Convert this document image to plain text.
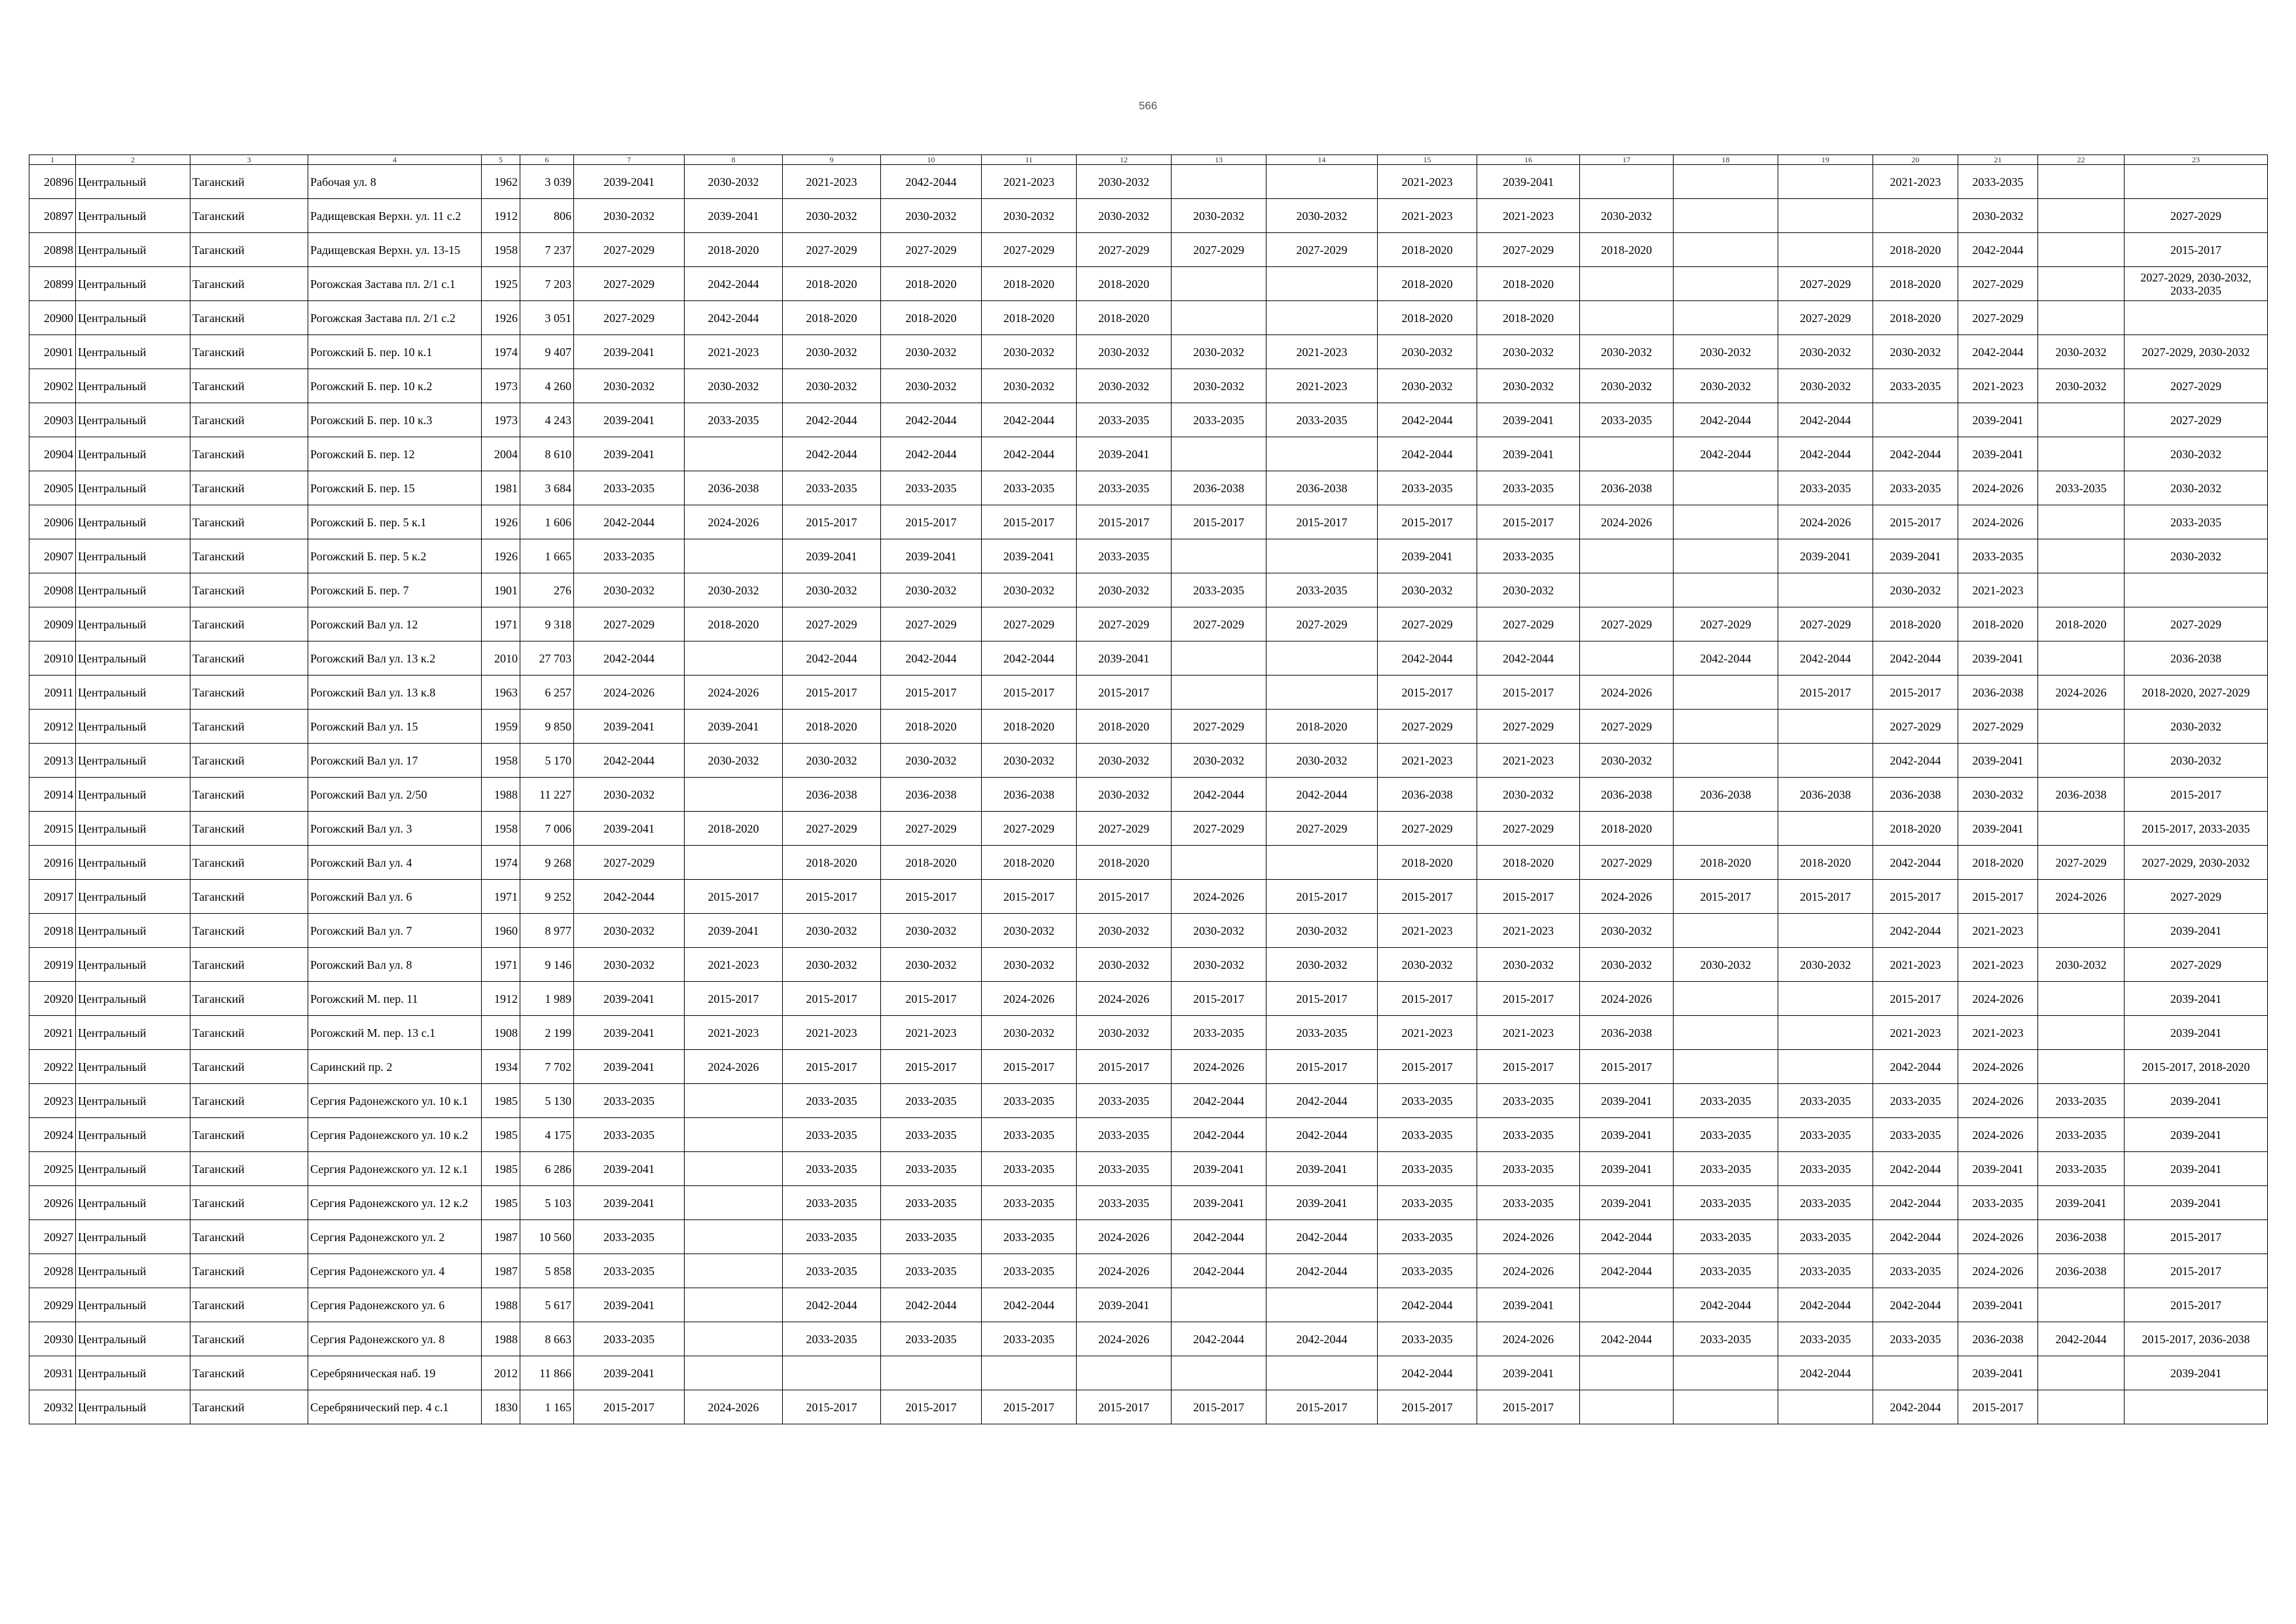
566
1	2	3	4	5	6	7	8	9	10	11	12	13	14	15	16	17	18	19	20	21	22	23
20896	Центральный	Таганский	Рабочая ул. 8	1962	3 039	2039-2041	2030-2032	2021-2023	2042-2044	2021-2023	2030-2032			2021-2023	2039-2041				2021-2023	2033-2035		
20897	Центральный	Таганский	Радищевская Верхн. ул. 11 с.2	1912	806	2030-2032	2039-2041	2030-2032	2030-2032	2030-2032	2030-2032	2030-2032	2030-2032	2021-2023	2021-2023	2030-2032				2030-2032		2027-2029
20898	Центральный	Таганский	Радищевская Верхн. ул. 13-15	1958	7 237	2027-2029	2018-2020	2027-2029	2027-2029	2027-2029	2027-2029	2027-2029	2027-2029	2018-2020	2027-2029	2018-2020			2018-2020	2042-2044		2015-2017
20899	Центральный	Таганский	Рогожская Застава пл. 2/1 с.1	1925	7 203	2027-2029	2042-2044	2018-2020	2018-2020	2018-2020	2018-2020			2018-2020	2018-2020			2027-2029	2018-2020	2027-2029		2027-2029, 2030-2032, 2033-2035
20900	Центральный	Таганский	Рогожская Застава пл. 2/1 с.2	1926	3 051	2027-2029	2042-2044	2018-2020	2018-2020	2018-2020	2018-2020			2018-2020	2018-2020			2027-2029	2018-2020	2027-2029		
20901	Центральный	Таганский	Рогожский Б. пер. 10 к.1	1974	9 407	2039-2041	2021-2023	2030-2032	2030-2032	2030-2032	2030-2032	2030-2032	2021-2023	2030-2032	2030-2032	2030-2032	2030-2032	2030-2032	2030-2032	2042-2044	2030-2032	2027-2029, 2030-2032
20902	Центральный	Таганский	Рогожский Б. пер. 10 к.2	1973	4 260	2030-2032	2030-2032	2030-2032	2030-2032	2030-2032	2030-2032	2030-2032	2021-2023	2030-2032	2030-2032	2030-2032	2030-2032	2030-2032	2033-2035	2021-2023	2030-2032	2027-2029
20903	Центральный	Таганский	Рогожский Б. пер. 10 к.3	1973	4 243	2039-2041	2033-2035	2042-2044	2042-2044	2042-2044	2033-2035	2033-2035	2033-2035	2042-2044	2039-2041	2033-2035	2042-2044	2042-2044		2039-2041		2027-2029
20904	Центральный	Таганский	Рогожский Б. пер. 12	2004	8 610	2039-2041		2042-2044	2042-2044	2042-2044	2039-2041			2042-2044	2039-2041		2042-2044	2042-2044	2042-2044	2039-2041		2030-2032
20905	Центральный	Таганский	Рогожский Б. пер. 15	1981	3 684	2033-2035	2036-2038	2033-2035	2033-2035	2033-2035	2033-2035	2036-2038	2036-2038	2033-2035	2033-2035	2036-2038		2033-2035	2033-2035	2024-2026	2033-2035	2030-2032
20906	Центральный	Таганский	Рогожский Б. пер. 5 к.1	1926	1 606	2042-2044	2024-2026	2015-2017	2015-2017	2015-2017	2015-2017	2015-2017	2015-2017	2015-2017	2015-2017	2024-2026		2024-2026	2015-2017	2024-2026		2033-2035
20907	Центральный	Таганский	Рогожский Б. пер. 5 к.2	1926	1 665	2033-2035		2039-2041	2039-2041	2039-2041	2033-2035			2039-2041	2033-2035			2039-2041	2039-2041	2033-2035		2030-2032
20908	Центральный	Таганский	Рогожский Б. пер. 7	1901	276	2030-2032	2030-2032	2030-2032	2030-2032	2030-2032	2030-2032	2033-2035	2033-2035	2030-2032	2030-2032				2030-2032	2021-2023		
20909	Центральный	Таганский	Рогожский Вал ул. 12	1971	9 318	2027-2029	2018-2020	2027-2029	2027-2029	2027-2029	2027-2029	2027-2029	2027-2029	2027-2029	2027-2029	2027-2029	2027-2029	2027-2029	2018-2020	2018-2020	2018-2020	2027-2029
20910	Центральный	Таганский	Рогожский Вал ул. 13 к.2	2010	27 703	2042-2044		2042-2044	2042-2044	2042-2044	2039-2041			2042-2044	2042-2044		2042-2044	2042-2044	2042-2044	2039-2041		2036-2038
20911	Центральный	Таганский	Рогожский Вал ул. 13 к.8	1963	6 257	2024-2026	2024-2026	2015-2017	2015-2017	2015-2017	2015-2017			2015-2017	2015-2017	2024-2026		2015-2017	2015-2017	2036-2038	2024-2026	2018-2020, 2027-2029
20912	Центральный	Таганский	Рогожский Вал ул. 15	1959	9 850	2039-2041	2039-2041	2018-2020	2018-2020	2018-2020	2018-2020	2027-2029	2018-2020	2027-2029	2027-2029	2027-2029			2027-2029	2027-2029		2030-2032
20913	Центральный	Таганский	Рогожский Вал ул. 17	1958	5 170	2042-2044	2030-2032	2030-2032	2030-2032	2030-2032	2030-2032	2030-2032	2030-2032	2021-2023	2021-2023	2030-2032			2042-2044	2039-2041		2030-2032
20914	Центральный	Таганский	Рогожский Вал ул. 2/50	1988	11 227	2030-2032		2036-2038	2036-2038	2036-2038	2030-2032	2042-2044	2042-2044	2036-2038	2030-2032	2036-2038	2036-2038	2036-2038	2036-2038	2030-2032	2036-2038	2015-2017
20915	Центральный	Таганский	Рогожский Вал ул. 3	1958	7 006	2039-2041	2018-2020	2027-2029	2027-2029	2027-2029	2027-2029	2027-2029	2027-2029	2027-2029	2027-2029	2018-2020			2018-2020	2039-2041		2015-2017, 2033-2035
20916	Центральный	Таганский	Рогожский Вал ул. 4	1974	9 268	2027-2029		2018-2020	2018-2020	2018-2020	2018-2020			2018-2020	2018-2020	2027-2029	2018-2020	2018-2020	2042-2044	2018-2020	2027-2029	2027-2029, 2030-2032
20917	Центральный	Таганский	Рогожский Вал ул. 6	1971	9 252	2042-2044	2015-2017	2015-2017	2015-2017	2015-2017	2015-2017	2024-2026	2015-2017	2015-2017	2015-2017	2024-2026	2015-2017	2015-2017	2015-2017	2015-2017	2024-2026	2027-2029
20918	Центральный	Таганский	Рогожский Вал ул. 7	1960	8 977	2030-2032	2039-2041	2030-2032	2030-2032	2030-2032	2030-2032	2030-2032	2030-2032	2021-2023	2021-2023	2030-2032			2042-2044	2021-2023		2039-2041
20919	Центральный	Таганский	Рогожский Вал ул. 8	1971	9 146	2030-2032	2021-2023	2030-2032	2030-2032	2030-2032	2030-2032	2030-2032	2030-2032	2030-2032	2030-2032	2030-2032	2030-2032	2030-2032	2021-2023	2021-2023	2030-2032	2027-2029
20920	Центральный	Таганский	Рогожский М. пер. 11	1912	1 989	2039-2041	2015-2017	2015-2017	2015-2017	2024-2026	2024-2026	2015-2017	2015-2017	2015-2017	2015-2017	2024-2026			2015-2017	2024-2026		2039-2041
20921	Центральный	Таганский	Рогожский М. пер. 13 с.1	1908	2 199	2039-2041	2021-2023	2021-2023	2021-2023	2030-2032	2030-2032	2033-2035	2033-2035	2021-2023	2021-2023	2036-2038			2021-2023	2021-2023		2039-2041
20922	Центральный	Таганский	Саринский пр. 2	1934	7 702	2039-2041	2024-2026	2015-2017	2015-2017	2015-2017	2015-2017	2024-2026	2015-2017	2015-2017	2015-2017	2015-2017			2042-2044	2024-2026		2015-2017, 2018-2020
20923	Центральный	Таганский	Сергия Радонежского ул. 10 к.1	1985	5 130	2033-2035		2033-2035	2033-2035	2033-2035	2033-2035	2042-2044	2042-2044	2033-2035	2033-2035	2039-2041	2033-2035	2033-2035	2033-2035	2024-2026	2033-2035	2039-2041
20924	Центральный	Таганский	Сергия Радонежского ул. 10 к.2	1985	4 175	2033-2035		2033-2035	2033-2035	2033-2035	2033-2035	2042-2044	2042-2044	2033-2035	2033-2035	2039-2041	2033-2035	2033-2035	2033-2035	2024-2026	2033-2035	2039-2041
20925	Центральный	Таганский	Сергия Радонежского ул. 12 к.1	1985	6 286	2039-2041		2033-2035	2033-2035	2033-2035	2033-2035	2039-2041	2039-2041	2033-2035	2033-2035	2039-2041	2033-2035	2033-2035	2042-2044	2039-2041	2033-2035	2039-2041
20926	Центральный	Таганский	Сергия Радонежского ул. 12 к.2	1985	5 103	2039-2041		2033-2035	2033-2035	2033-2035	2033-2035	2039-2041	2039-2041	2033-2035	2033-2035	2039-2041	2033-2035	2033-2035	2042-2044	2033-2035	2039-2041	2039-2041
20927	Центральный	Таганский	Сергия Радонежского ул. 2	1987	10 560	2033-2035		2033-2035	2033-2035	2033-2035	2024-2026	2042-2044	2042-2044	2033-2035	2024-2026	2042-2044	2033-2035	2033-2035	2042-2044	2024-2026	2036-2038	2015-2017
20928	Центральный	Таганский	Сергия Радонежского ул. 4	1987	5 858	2033-2035		2033-2035	2033-2035	2033-2035	2024-2026	2042-2044	2042-2044	2033-2035	2024-2026	2042-2044	2033-2035	2033-2035	2033-2035	2024-2026	2036-2038	2015-2017
20929	Центральный	Таганский	Сергия Радонежского ул. 6	1988	5 617	2039-2041		2042-2044	2042-2044	2042-2044	2039-2041			2042-2044	2039-2041		2042-2044	2042-2044	2042-2044	2039-2041		2015-2017
20930	Центральный	Таганский	Сергия Радонежского ул. 8	1988	8 663	2033-2035		2033-2035	2033-2035	2033-2035	2024-2026	2042-2044	2042-2044	2033-2035	2024-2026	2042-2044	2033-2035	2033-2035	2033-2035	2036-2038	2042-2044	2015-2017, 2036-2038
20931	Центральный	Таганский	Серебряническая наб. 19	2012	11 866	2039-2041								2042-2044	2039-2041			2042-2044		2039-2041		2039-2041
20932	Центральный	Таганский	Серебрянический пер. 4 с.1	1830	1 165	2015-2017	2024-2026	2015-2017	2015-2017	2015-2017	2015-2017	2015-2017	2015-2017	2015-2017	2015-2017				2042-2044	2015-2017		
